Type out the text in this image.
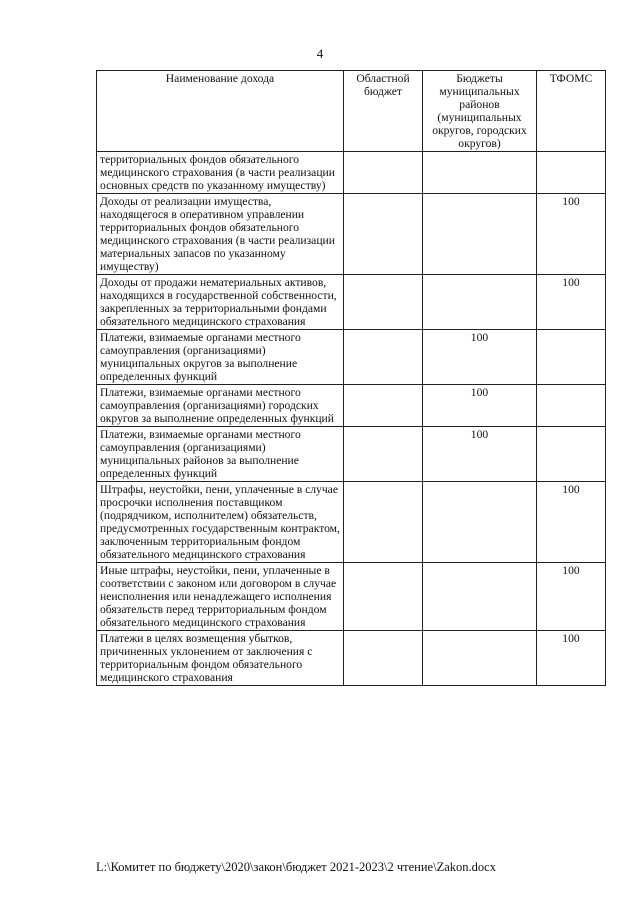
4
Наименование дохода	Областной бюджет	Бюджеты муниципальных районов (муниципальных округов, городских округов)	ТФОМС
территориальных фондов обязательного медицинского страхования (в части реализации основных средств по указанному имуществу)			
Доходы от реализации имущества, находящегося в оперативном управлении территориальных фондов обязательного медицинского страхования (в части реализации материальных запасов по указанному имуществу)			100
Доходы от продажи нематериальных активов, находящихся в государственной собственности, закрепленных за территориальными фондами обязательного медицинского страхования			100
Платежи, взимаемые органами местного самоуправления (организациями) муниципальных округов за выполнение определенных функций		100	
Платежи, взимаемые органами местного самоуправления (организациями) городских округов за выполнение определенных функций		100	
Платежи, взимаемые органами местного самоуправления (организациями) муниципальных районов за выполнение определенных функций		100	
Штрафы, неустойки, пени, уплаченные в случае просрочки исполнения поставщиком (подрядчиком, исполнителем) обязательств, предусмотренных государственным контрактом, заключенным территориальным фондом обязательного медицинского страхования			100
Иные штрафы, неустойки, пени, уплаченные в соответствии с законом или договором в случае неисполнения или ненадлежащего исполнения обязательств перед территориальным фондом обязательного медицинского страхования			100
Платежи в целях возмещения убытков, причиненных уклонением от заключения с территориальным фондом обязательного медицинского страхования			100
L:\Комитет по бюджету\2020\закон\бюджет 2021-2023\2 чтение\Zakon.docx
